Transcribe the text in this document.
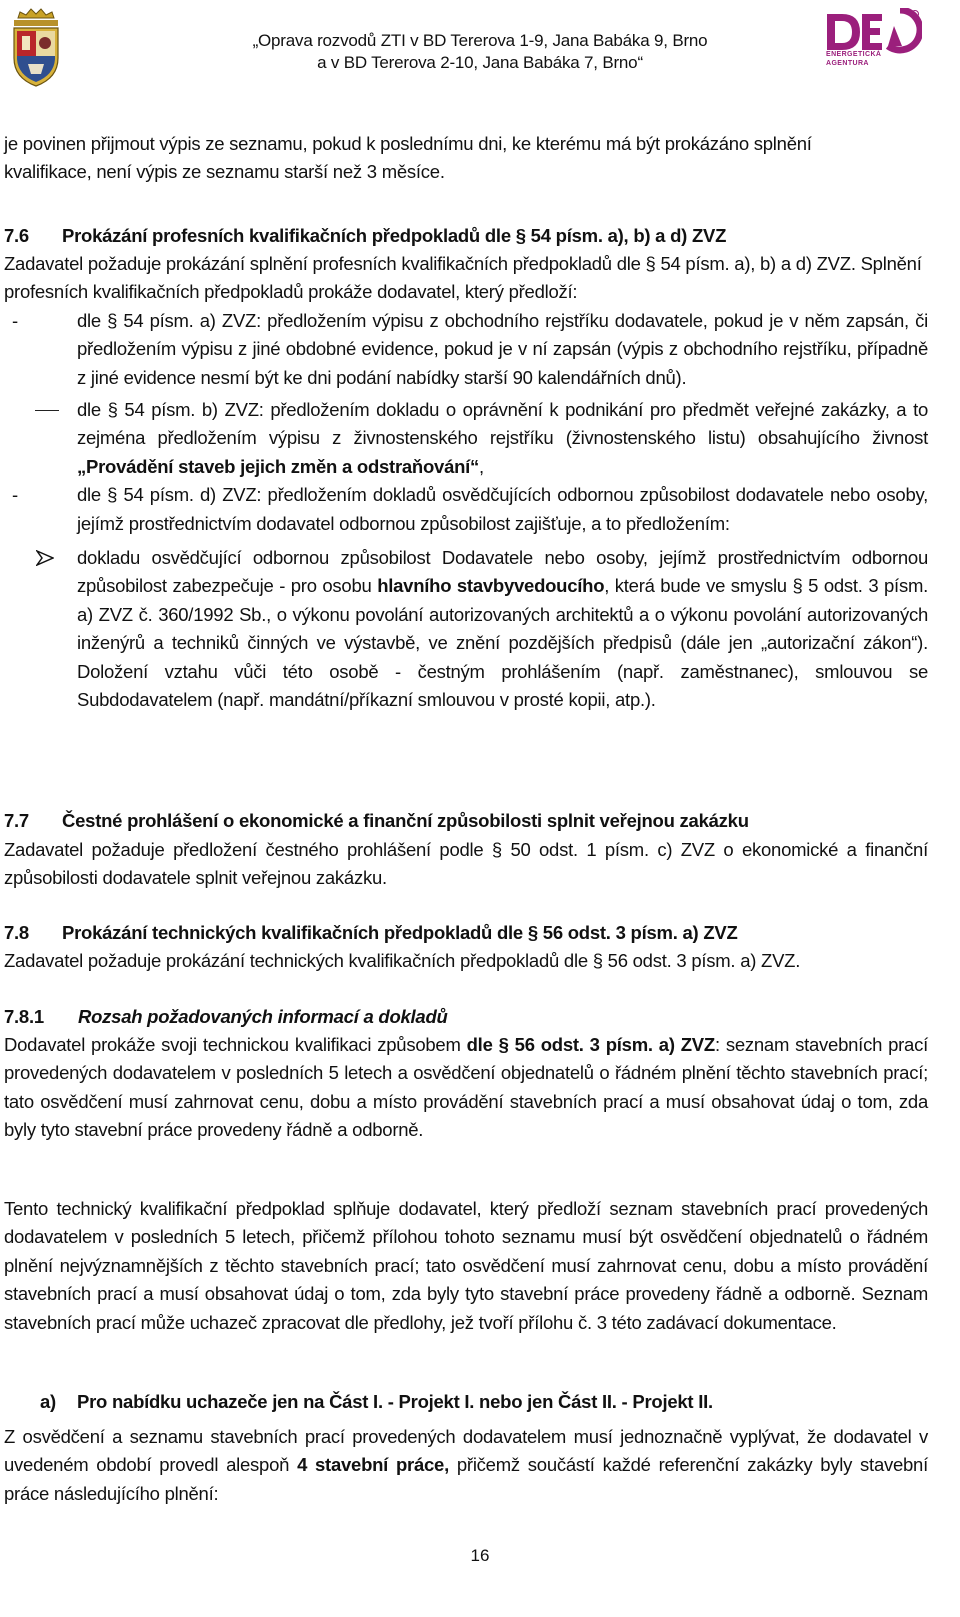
„Oprava rozvodů ZTI v BD Tererova 1-9, Jana Babáka 9, Brno
a v BD Tererova 2-10, Jana Babáka 7, Brno“	ENERGETICKÁ
AGENTURA
je povinen přijmout výpis ze seznamu, pokud k poslednímu dni, ke kterému má být prokázáno splnění
kvalifikace, není výpis ze seznamu starší než 3 měsíce.
7.6 Prokázání profesních kvalifikačních předpokladů dle § 54 písm. a), b) a d) ZVZ

Zadavatel požaduje prokázání splnění profesních kvalifikačních předpokladů dle § 54 písm. a), b) a d) ZVZ. Splnění profesních kvalifikačních předpokladů prokáže dodavatel, který předloží:

-	dle § 54 písm. a) ZVZ: předložením výpisu z obchodního rejstříku dodavatele, pokud je v něm zapsán, či předložením výpisu z jiné obdobné evidence, pokud je v ní zapsán (výpis z obchodního rejstříku, případně z jiné evidence nesmí být ke dni podání nabídky starší 90 kalendářních dnů).

dle § 54 písm. b) ZVZ: předložením dokladu o oprávnění k podnikání pro předmět veřejné zakázky, a to zejména předložením výpisu z živnostenského rejstříku (živnostenského listu) obsahujícího živnost „Provádění staveb jejich změn a odstraňování“,

-	dle § 54 písm. d) ZVZ: předložením dokladů osvědčujících odbornou způsobilost dodavatele nebo osoby, jejímž prostřednictvím dodavatel odbornou způsobilost zajišťuje, a to předložením:

dokladu osvědčující odbornou způsobilost Dodavatele nebo osoby, jejímž prostřednictvím odbornou způsobilost zabezpečuje - pro osobu hlavního stavbyvedoucího, která bude ve smyslu § 5 odst. 3 písm. a) ZVZ č. 360/1992 Sb., o výkonu povolání autorizovaných architektů a o výkonu povolání autorizovaných inženýrů a techniků činných ve výstavbě, ve znění pozdějších předpisů (dále jen „autorizační zákon“). Doložení vztahu vůči této osobě - čestným prohlášením (např. zaměstnanec), smlouvou se Subdodavatelem (např. mandátní/příkazní smlouvou v prosté kopii, atp.).

7.7 Čestné prohlášení o ekonomické a finanční způsobilosti splnit veřejnou zakázku

Zadavatel požaduje předložení čestného prohlášení podle § 50 odst. 1 písm. c) ZVZ o ekonomické a finanční způsobilosti dodavatele splnit veřejnou zakázku.

7.8 Prokázání technických kvalifikačních předpokladů dle § 56 odst. 3 písm. a) ZVZ

Zadavatel požaduje prokázání technických kvalifikačních předpokladů dle § 56 odst. 3 písm. a) ZVZ.

7.8.1 Rozsah požadovaných informací a dokladů

Dodavatel prokáže svoji technickou kvalifikaci způsobem dle § 56 odst. 3 písm. a) ZVZ: seznam stavebních prací provedených dodavatelem v posledních 5 letech a osvědčení objednatelů o řádném plnění těchto stavebních prací; tato osvědčení musí zahrnovat cenu, dobu a místo provádění stavebních prací a musí obsahovat údaj o tom, zda byly tyto stavební práce provedeny řádně a odborně.

Tento technický kvalifikační předpoklad splňuje dodavatel, který předloží seznam stavebních prací provedených dodavatelem v posledních 5 letech, přičemž přílohou tohoto seznamu musí být osvědčení objednatelů o řádném plnění nejvýznamnějších z těchto stavebních prací; tato osvědčení musí zahrnovat cenu, dobu a místo provádění stavebních prací a musí obsahovat údaj o tom, zda byly tyto stavební práce provedeny řádně a odborně. Seznam stavebních prací může uchazeč zpracovat dle předlohy, jež tvoří přílohu č. 3 této zadávací dokumentace.

a) Pro nabídku uchazeče jen na Část I. - Projekt I. nebo jen Část II. - Projekt II.

Z osvědčení a seznamu stavebních prací provedených dodavatelem musí jednoznačně vyplývat, že dodavatel v uvedeném období provedl alespoň 4 stavební práce, přičemž součástí každé referenční zakázky byly stavební práce následujícího plnění:

16
